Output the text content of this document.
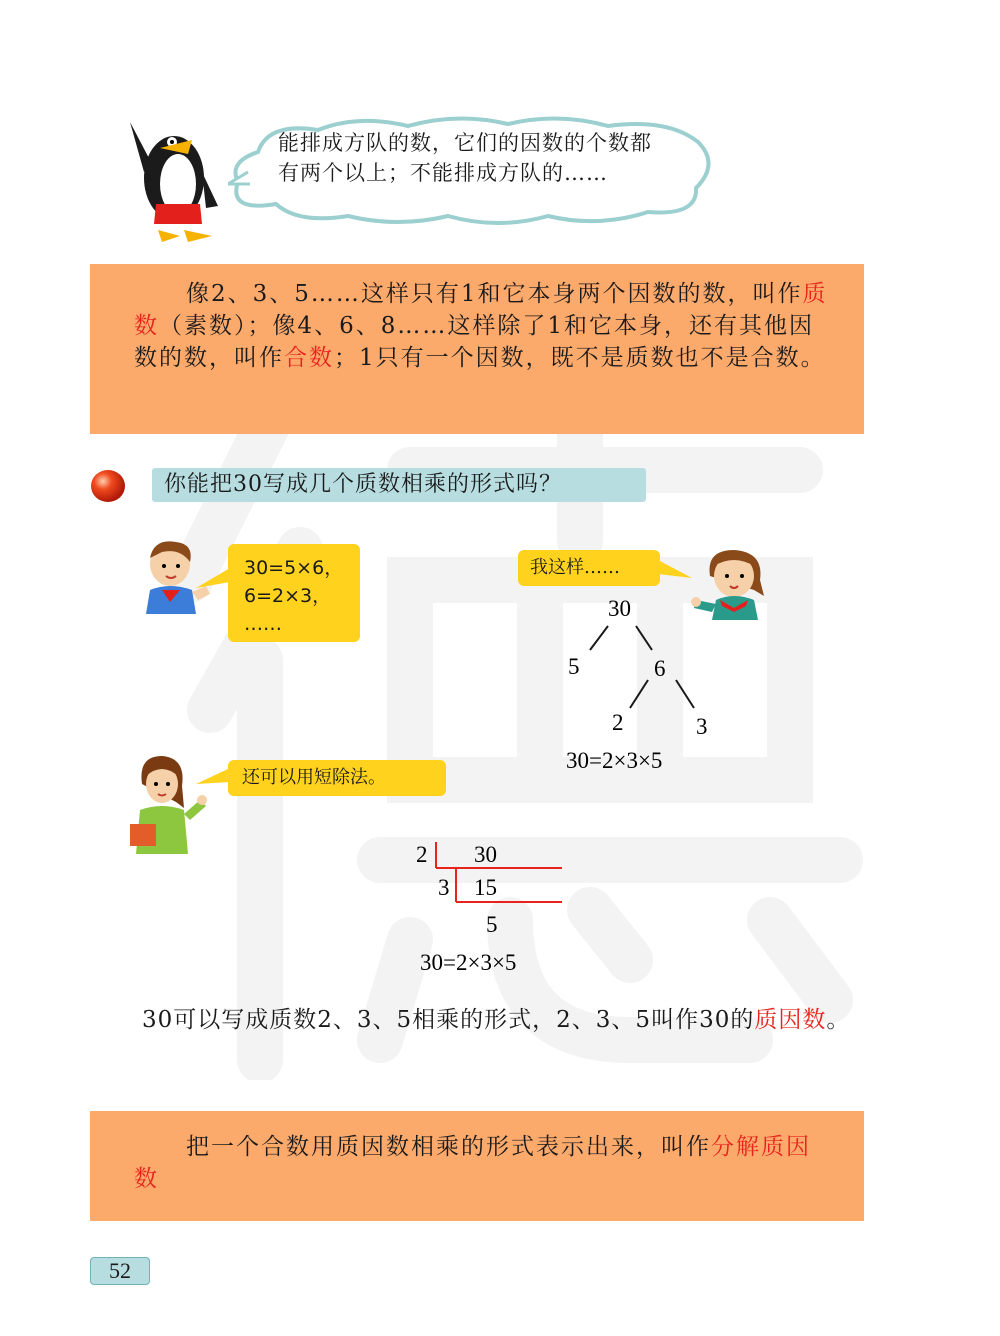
能排成方队的数，它们的因数的个数都
有两个以上；不能排成方队的……

像2、3、5……这样只有1和它本身两个因数的数，叫作质数（素数）；像4、6、8……这样除了1和它本身，还有其他因数的数，叫作合数；1只有一个因数，既不是质数也不是合数。

你能把30写成几个质数相乘的形式吗？
30=5×6，
6=2×3，
……
我这样……
30
5	6
2	3
30=2×3×5
还可以用短除法。
2 30
3 15
5
30=2×3×5

30可以写成质数2、3、5相乘的形式，2、3、5叫作30的质因数。

把一个合数用质因数相乘的形式表示出来，叫作分解质因数

52
